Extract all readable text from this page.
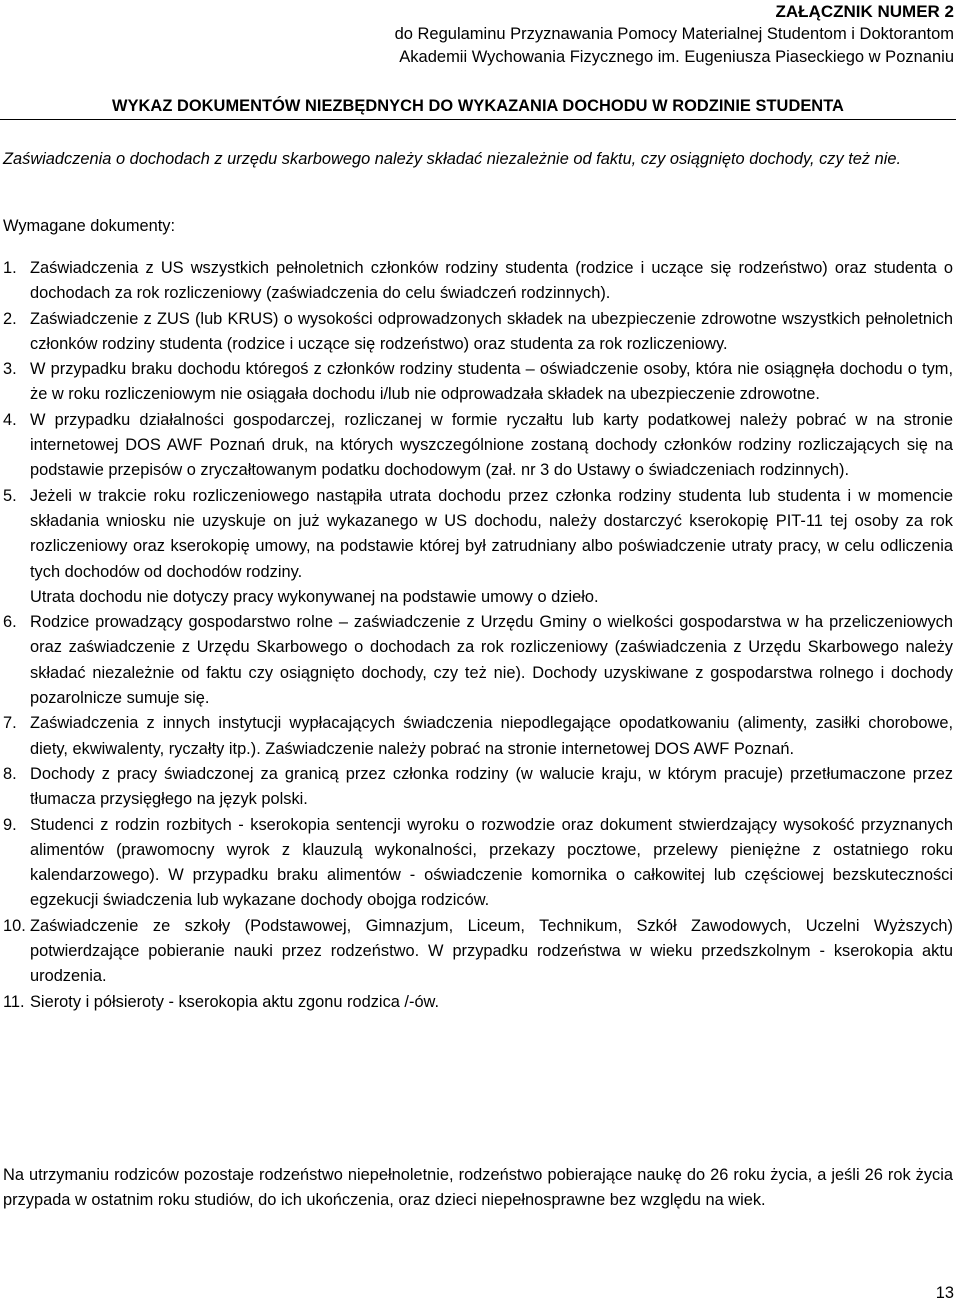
ZAŁĄCZNIK NUMER 2
do Regulaminu Przyznawania Pomocy Materialnej Studentom i Doktorantom
Akademii Wychowania Fizycznego im. Eugeniusza Piaseckiego w Poznaniu
WYKAZ DOKUMENTÓW NIEZBĘDNYCH DO WYKAZANIA DOCHODU W RODZINIE STUDENTA
Zaświadczenia o dochodach z urzędu skarbowego należy składać niezależnie od faktu, czy osiągnięto dochody, czy też nie.
Wymagane dokumenty:
1. Zaświadczenia z US wszystkich pełnoletnich członków rodziny studenta (rodzice i uczące się rodzeństwo) oraz studenta o dochodach za rok rozliczeniowy (zaświadczenia do celu świadczeń rodzinnych).
2. Zaświadczenie z ZUS (lub KRUS) o wysokości odprowadzonych składek na ubezpieczenie zdrowotne wszystkich pełnoletnich członków rodziny studenta (rodzice i uczące się rodzeństwo) oraz studenta za rok rozliczeniowy.
3. W przypadku braku dochodu któregoś z członków rodziny studenta – oświadczenie osoby, która nie osiągnęła dochodu o tym, że w roku rozliczeniowym nie osiągała dochodu i/lub nie odprowadzała składek na ubezpieczenie zdrowotne.
4. W przypadku działalności gospodarczej, rozliczanej w formie ryczałtu lub karty podatkowej należy pobrać w na stronie internetowej DOS AWF Poznań druk, na których wyszczególnione zostaną dochody członków rodziny rozliczających się na podstawie przepisów o zryczałtowanym podatku dochodowym (zał. nr 3 do Ustawy o świadczeniach rodzinnych).
5. Jeżeli w trakcie roku rozliczeniowego nastąpiła utrata dochodu przez członka rodziny studenta lub studenta i w momencie składania wniosku nie uzyskuje on już wykazanego w US dochodu, należy dostarczyć kserokopię PIT-11 tej osoby za rok rozliczeniowy oraz kserokopię umowy, na podstawie której był zatrudniany albo poświadczenie utraty pracy, w celu odliczenia tych dochodów od dochodów rodziny.
Utrata dochodu nie dotyczy pracy wykonywanej na podstawie umowy o dzieło.
6. Rodzice prowadzący gospodarstwo rolne – zaświadczenie z Urzędu Gminy o wielkości gospodarstwa w ha przeliczeniowych oraz zaświadczenie z Urzędu Skarbowego o dochodach za rok rozliczeniowy (zaświadczenia z Urzędu Skarbowego należy składać niezależnie od faktu czy osiągnięto dochody, czy też nie). Dochody uzyskiwane z gospodarstwa rolnego i dochody pozarolnicze sumuje się.
7. Zaświadczenia z innych instytucji wypłacających świadczenia niepodlegające opodatkowaniu (alimenty, zasiłki chorobowe, diety, ekwiwalenty, ryczałty itp.). Zaświadczenie należy pobrać na stronie internetowej DOS AWF Poznań.
8. Dochody z pracy świadczonej za granicą przez członka rodziny (w walucie kraju, w którym pracuje) przetłumaczone przez tłumacza przysięgłego na język polski.
9. Studenci z rodzin rozbitych - kserokopia sentencji wyroku o rozwodzie oraz dokument stwierdzający wysokość przyznanych alimentów (prawomocny wyrok z klauzulą wykonalności, przekazy pocztowe, przelewy pieniężne z ostatniego roku kalendarzowego). W przypadku braku alimentów - oświadczenie komornika o całkowitej lub częściowej bezskuteczności egzekucji świadczenia lub wykazane dochody obojga rodziców.
10. Zaświadczenie ze szkoły (Podstawowej, Gimnazjum, Liceum, Technikum, Szkół Zawodowych, Uczelni Wyższych) potwierdzające pobieranie nauki przez rodzeństwo. W przypadku rodzeństwa w wieku przedszkolnym - kserokopia aktu urodzenia.
11. Sieroty i półsieroty - kserokopia aktu zgonu rodzica /-ów.
Na utrzymaniu rodziców pozostaje rodzeństwo niepełnoletnie, rodzeństwo pobierające naukę do 26 roku życia, a jeśli 26 rok życia przypada w ostatnim roku studiów, do ich ukończenia, oraz dzieci niepełnosprawne bez względu na wiek.
13
